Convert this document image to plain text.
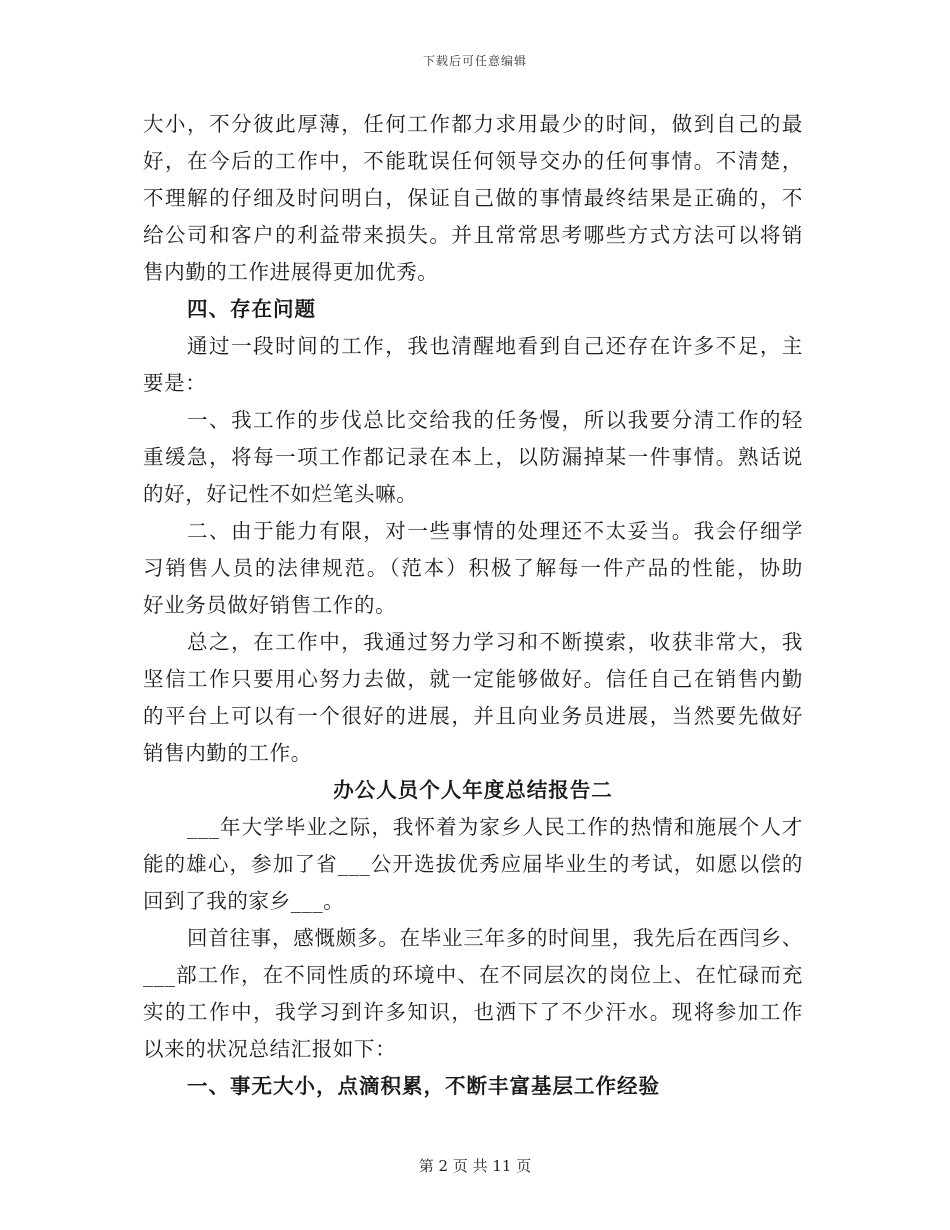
下载后可任意编辑
大小，不分彼此厚薄，任何工作都力求用最少的时间，做到自己的最
好，在今后的工作中，不能耽误任何领导交办的任何事情。不清楚，
不理解的仔细及时问明白，保证自己做的事情最终结果是正确的，不
给公司和客户的利益带来损失。并且常常思考哪些方式方法可以将销
售内勤的工作进展得更加优秀。
四、存在问题
通过一段时间的工作，我也清醒地看到自己还存在许多不足，主
要是：
一、我工作的步伐总比交给我的任务慢，所以我要分清工作的轻
重缓急，将每一项工作都记录在本上，以防漏掉某一件事情。熟话说
的好，好记性不如烂笔头嘛。
二、由于能力有限，对一些事情的处理还不太妥当。我会仔细学
习销售人员的法律规范。（范本）积极了解每一件产品的性能，协助
好业务员做好销售工作的。
总之，在工作中，我通过努力学习和不断摸索，收获非常大，我
坚信工作只要用心努力去做，就一定能够做好。信任自己在销售内勤
的平台上可以有一个很好的进展，并且向业务员进展，当然要先做好
销售内勤的工作。
办公人员个人年度总结报告二
___年大学毕业之际，我怀着为家乡人民工作的热情和施展个人才
能的雄心，参加了省___公开选拔优秀应届毕业生的考试，如愿以偿的
回到了我的家乡___。
回首往事，感慨颇多。在毕业三年多的时间里，我先后在西闫乡、
___部工作，在不同性质的环境中、在不同层次的岗位上、在忙碌而充
实的工作中，我学习到许多知识，也洒下了不少汗水。现将参加工作
以来的状况总结汇报如下：
一、事无大小，点滴积累，不断丰富基层工作经验
第 2 页 共 11 页
